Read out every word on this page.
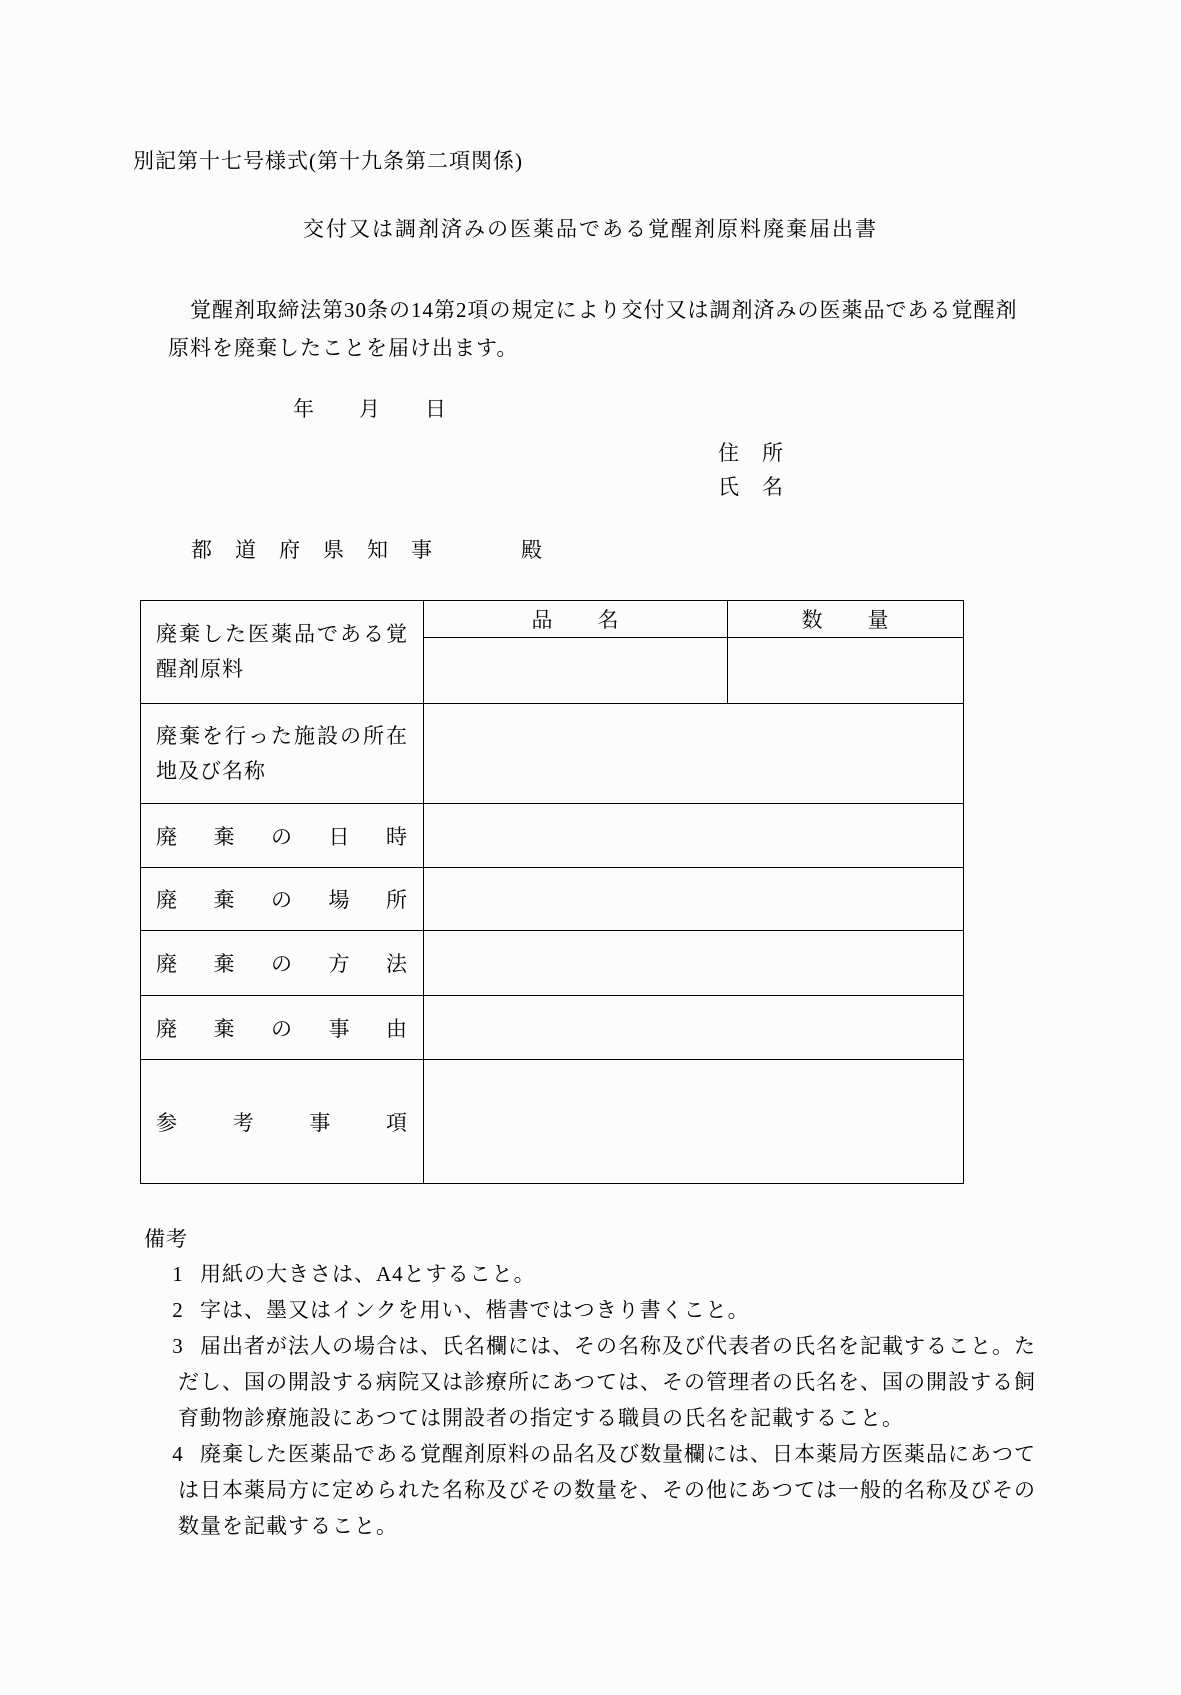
別記第十七号様式(第十九条第二項関係)
交付又は調剤済みの医薬品である覚醒剤原料廃棄届出書
覚醒剤取締法第30条の14第2項の規定により交付又は調剤済みの医薬品である覚醒剤
原料を廃棄したことを届け出ます。
年　　月　　日
住　所
氏　名
都　道　府　県　知　事　　　　殿
廃棄した医薬品である覚醒剤原料	品　　名	数　　量

廃棄を行った施設の所在地及び名称		
廃　棄　の　日　時		
廃　棄　の　場　所		
廃　棄　の　方　法		
廃　棄　の　事　由		
参　考　事　項		
備考
1 用紙の大きさは、A4とすること。
2 字は、墨又はインクを用い、楷書ではつきり書くこと。
3 届出者が法人の場合は、氏名欄には、その名称及び代表者の氏名を記載すること。た
だし、国の開設する病院又は診療所にあつては、その管理者の氏名を、国の開設する飼
育動物診療施設にあつては開設者の指定する職員の氏名を記載すること。
4 廃棄した医薬品である覚醒剤原料の品名及び数量欄には、日本薬局方医薬品にあつて
は日本薬局方に定められた名称及びその数量を、その他にあつては一般的名称及びその
数量を記載すること。
